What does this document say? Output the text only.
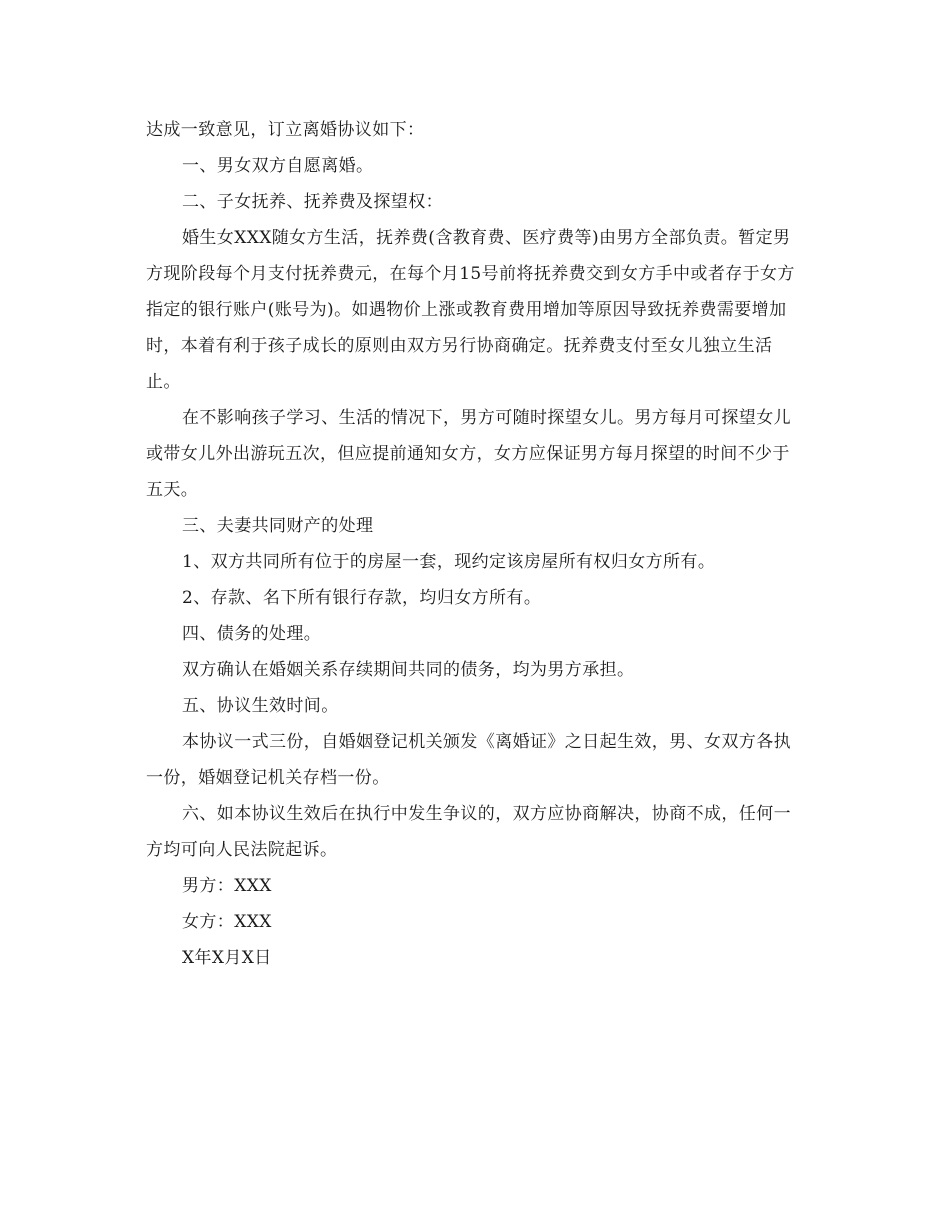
达成一致意见，订立离婚协议如下：

一、男女双方自愿离婚。

二、子女抚养、抚养费及探望权：

婚生女XXX随女方生活，抚养费(含教育费、医疗费等)由男方全部负责。暂定男方现阶段每个月支付抚养费元，在每个月15号前将抚养费交到女方手中或者存于女方指定的银行账户(账号为)。如遇物价上涨或教育费用增加等原因导致抚养费需要增加时，本着有利于孩子成长的原则由双方另行协商确定。抚养费支付至女儿独立生活止。

在不影响孩子学习、生活的情况下，男方可随时探望女儿。男方每月可探望女儿或带女儿外出游玩五次，但应提前通知女方，女方应保证男方每月探望的时间不少于五天。

三、夫妻共同财产的处理

1、双方共同所有位于的房屋一套，现约定该房屋所有权归女方所有。

2、存款、名下所有银行存款，均归女方所有。

四、债务的处理。

双方确认在婚姻关系存续期间共同的债务，均为男方承担。

五、协议生效时间。

本协议一式三份，自婚姻登记机关颁发《离婚证》之日起生效，男、女双方各执一份，婚姻登记机关存档一份。

六、如本协议生效后在执行中发生争议的，双方应协商解决，协商不成，任何一方均可向人民法院起诉。

男方：XXX

女方：XXX

X年X月X日
